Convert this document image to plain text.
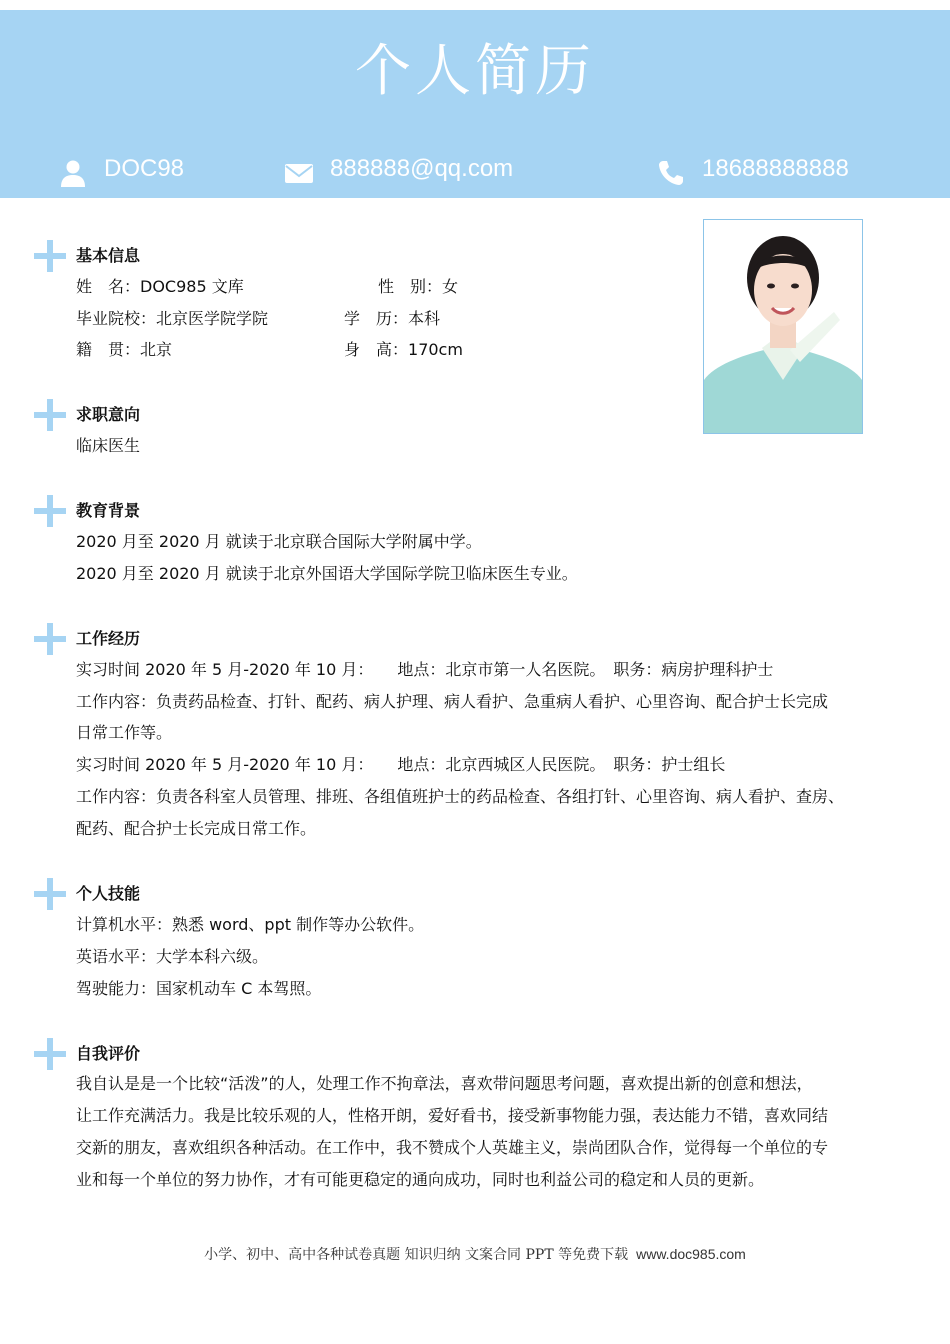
个人简历
DOC98	888888@qq.com	18688888888
基本信息
姓　名：DOC985 文库	性　别：女
毕业院校：北京医学院学院	学　历：本科
籍　贯：北京	身　高：170cm
求职意向
临床医生
教育背景
2020 月至 2020 月 就读于北京联合国际大学附属中学。
2020 月至 2020 月 就读于北京外国语大学国际学院卫临床医生专业。
工作经历
实习时间 2020 年 5 月-2020 年 10 月：　　地点：北京市第一人名医院。　职务：病房护理科护士
工作内容：负责药品检查、打针、配药、病人护理、病人看护、急重病人看护、心里咨询、配合护士长完成
日常工作等。
实习时间 2020 年 5 月-2020 年 10 月：　　地点：北京西城区人民医院。　职务：护士组长
工作内容：负责各科室人员管理、排班、各组值班护士的药品检查、各组打针、心里咨询、病人看护、查房、
配药、配合护士长完成日常工作。
个人技能
计算机水平：熟悉 word、ppt 制作等办公软件。
英语水平：大学本科六级。
驾驶能力：国家机动车 C 本驾照。
自我评价
我自认是是一个比较“活泼”的人，处理工作不拘章法，喜欢带问题思考问题，喜欢提出新的创意和想法，
让工作充满活力。我是比较乐观的人，性格开朗，爱好看书，接受新事物能力强，表达能力不错，喜欢同结
交新的朋友，喜欢组织各种活动。在工作中，我不赞成个人英雄主义，崇尚团队合作，觉得每一个单位的专
业和每一个单位的努力协作，才有可能更稳定的通向成功，同时也利益公司的稳定和人员的更新。
小学、初中、高中各种试卷真题 知识归纳 文案合同 PPT 等免费下载 www.doc985.com
